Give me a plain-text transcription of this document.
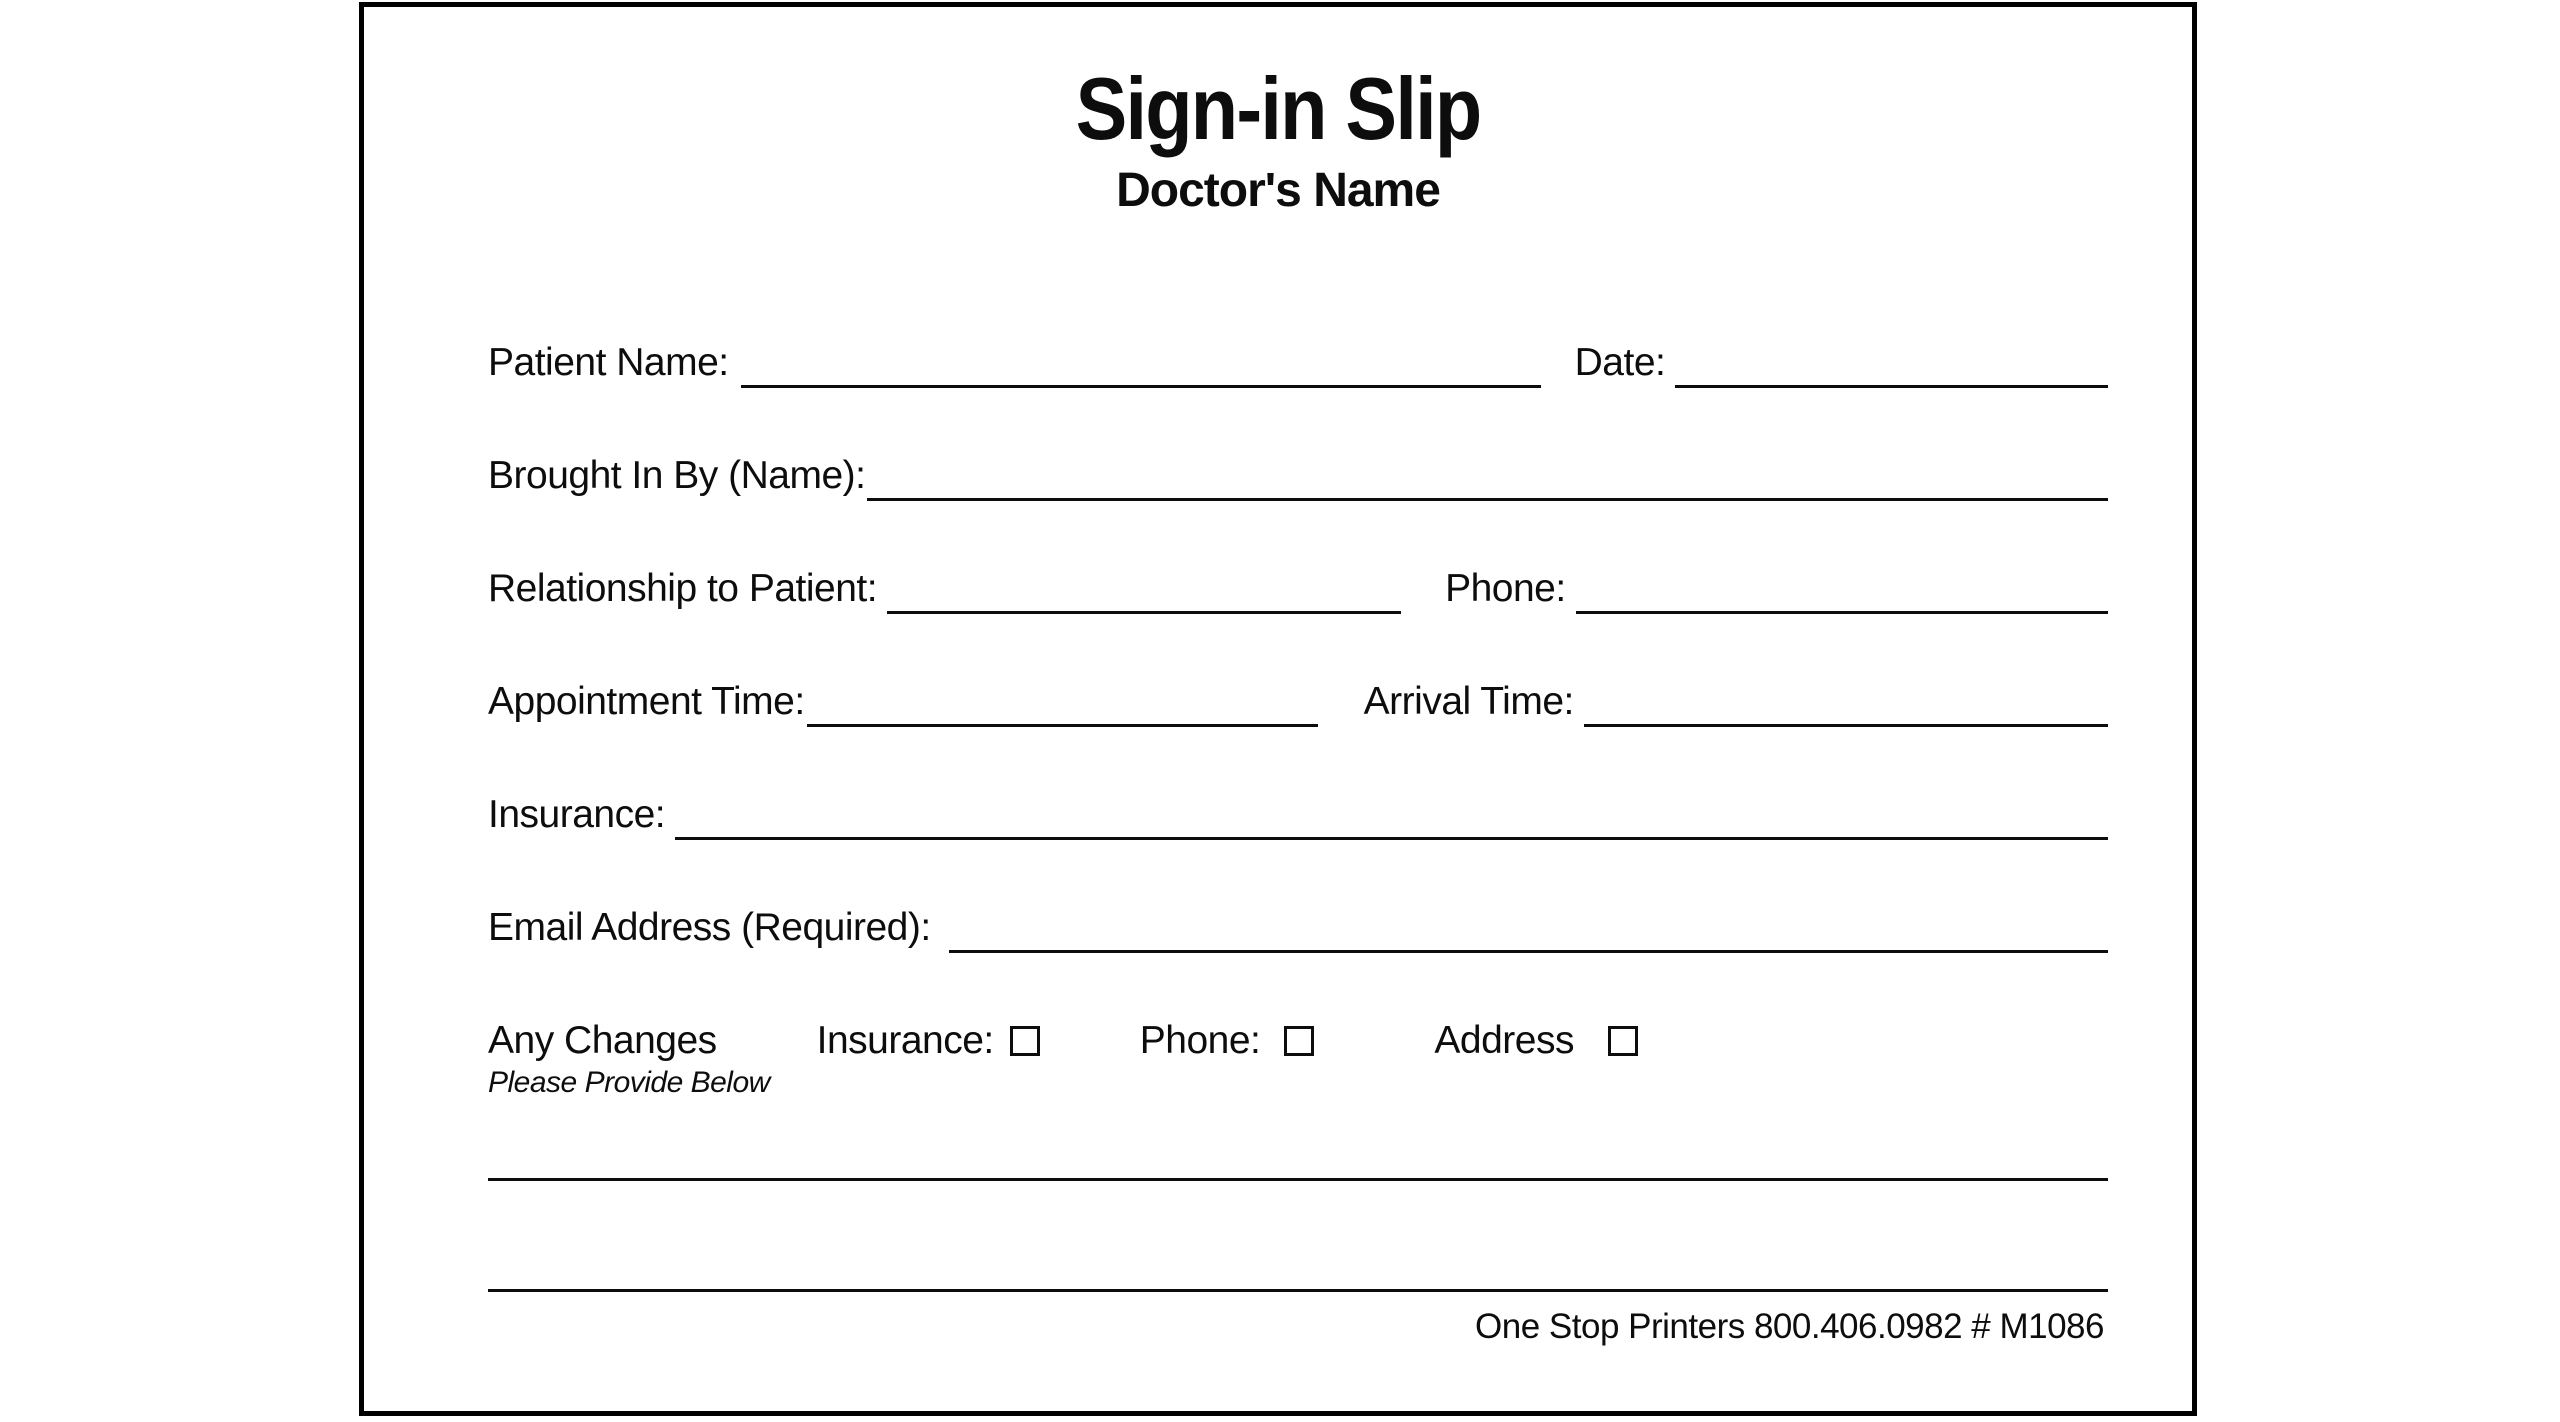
Sign-in Slip
Doctor's Name
Patient Name:	Date:
Brought In By (Name):
Relationship to Patient:	Phone:
Appointment Time:	Arrival Time:
Insurance:
Email Address (Required):
Any Changes	Insurance:	Phone:	Address
Please Provide Below
One Stop Printers 800.406.0982 # M1086
